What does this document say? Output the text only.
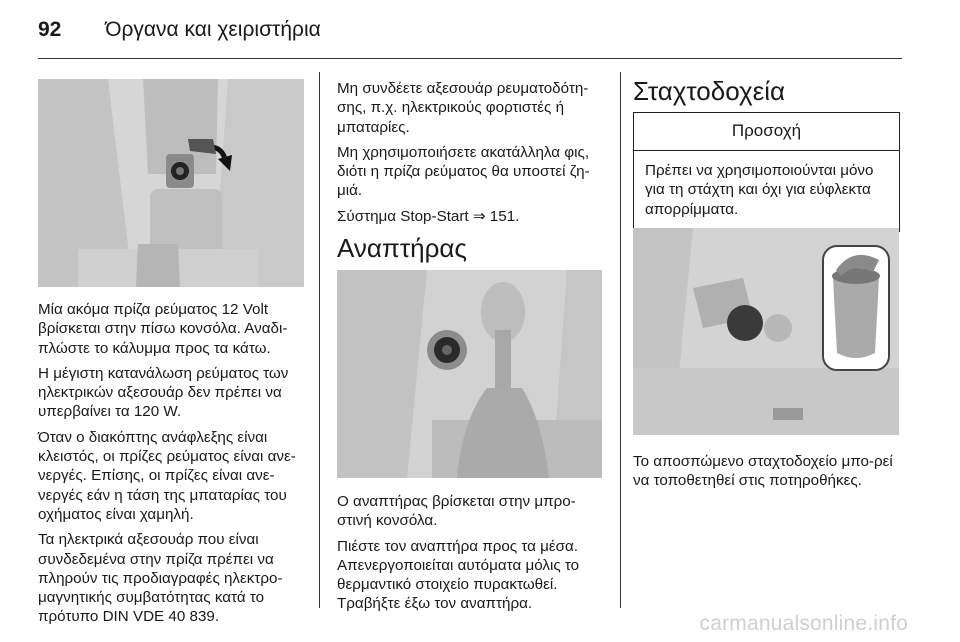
92 Όργανα και χειριστήρια

Μία ακόμα πρίζα ρεύματος 12 Volt βρίσκεται στην πίσω κονσόλα. Αναδι-πλώστε το κάλυμμα προς τα κάτω.

Η μέγιστη κατανάλωση ρεύματος των ηλεκτρικών αξεσουάρ δεν πρέπει να υπερβαίνει τα 120 W.

Όταν ο διακόπτης ανάφλεξης είναι κλειστός, οι πρίζες ρεύματος είναι ανε-νεργές. Επίσης, οι πρίζες είναι ανε-νεργές εάν η τάση της μπαταρίας του οχήματος είναι χαμηλή.

Τα ηλεκτρικά αξεσουάρ που είναι συνδεδεμένα στην πρίζα πρέπει να πληρούν τις προδιαγραφές ηλεκτρο-μαγνητικής συμβατότητας κατά το πρότυπο DIN VDE 40 839.

Μη συνδέετε αξεσουάρ ρευματοδότη-σης, π.χ. ηλεκτρικούς φορτιστές ή μπαταρίες.

Μη χρησιμοποιήσετε ακατάλληλα φις, διότι η πρίζα ρεύματος θα υποστεί ζη-μιά.

Σύστημα Stop-Start ⇒ 151.

Αναπτήρας

Ο αναπτήρας βρίσκεται στην μπρο-στινή κονσόλα.

Πιέστε τον αναπτήρα προς τα μέσα. Απενεργοποιείται αυτόματα μόλις το θερμαντικό στοιχείο πυρακτωθεί. Τραβήξτε έξω τον αναπτήρα.

Σταχτοδοχεία
Προσοχή
Πρέπει να χρησιμοποιούνται μόνο για τη στάχτη και όχι για εύφλεκτα απορρίμματα.

Το αποσπώμενο σταχτοδοχείο μπο-ρεί να τοποθετηθεί στις ποτηροθήκες.

carmanualsonline.info
